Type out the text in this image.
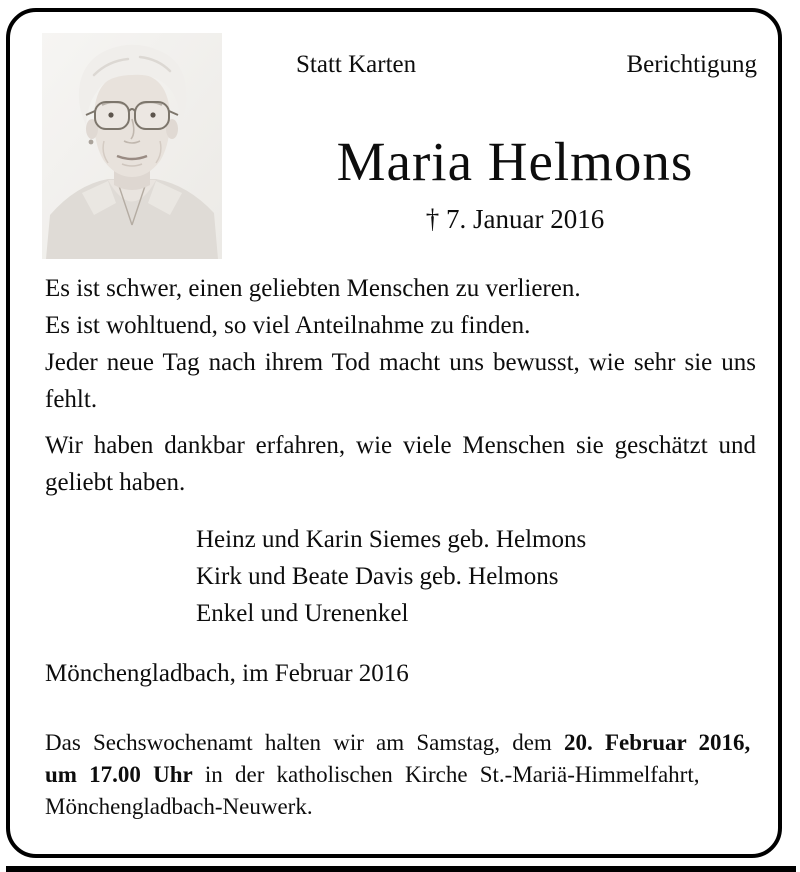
Statt Karten	Berichtigung
Maria Helmons
† 7. Januar 2016

Es ist schwer, einen geliebten Menschen zu verlieren.
Es ist wohltuend, so viel Anteilnahme zu finden.
Jeder neue Tag nach ihrem Tod macht uns bewusst, wie sehr sie uns fehlt.

Wir haben dankbar erfahren, wie viele Menschen sie geschätzt und geliebt haben.

Heinz und Karin Siemes geb. Helmons
Kirk und Beate Davis geb. Helmons
Enkel und Urenenkel
Mönchengladbach, im Februar 2016
Das Sechswochenamt halten wir am Samstag, dem 20. Februar 2016,
um 17.00 Uhr in der katholischen Kirche St.-Mariä-Himmelfahrt,
Mönchengladbach-Neuwerk.
